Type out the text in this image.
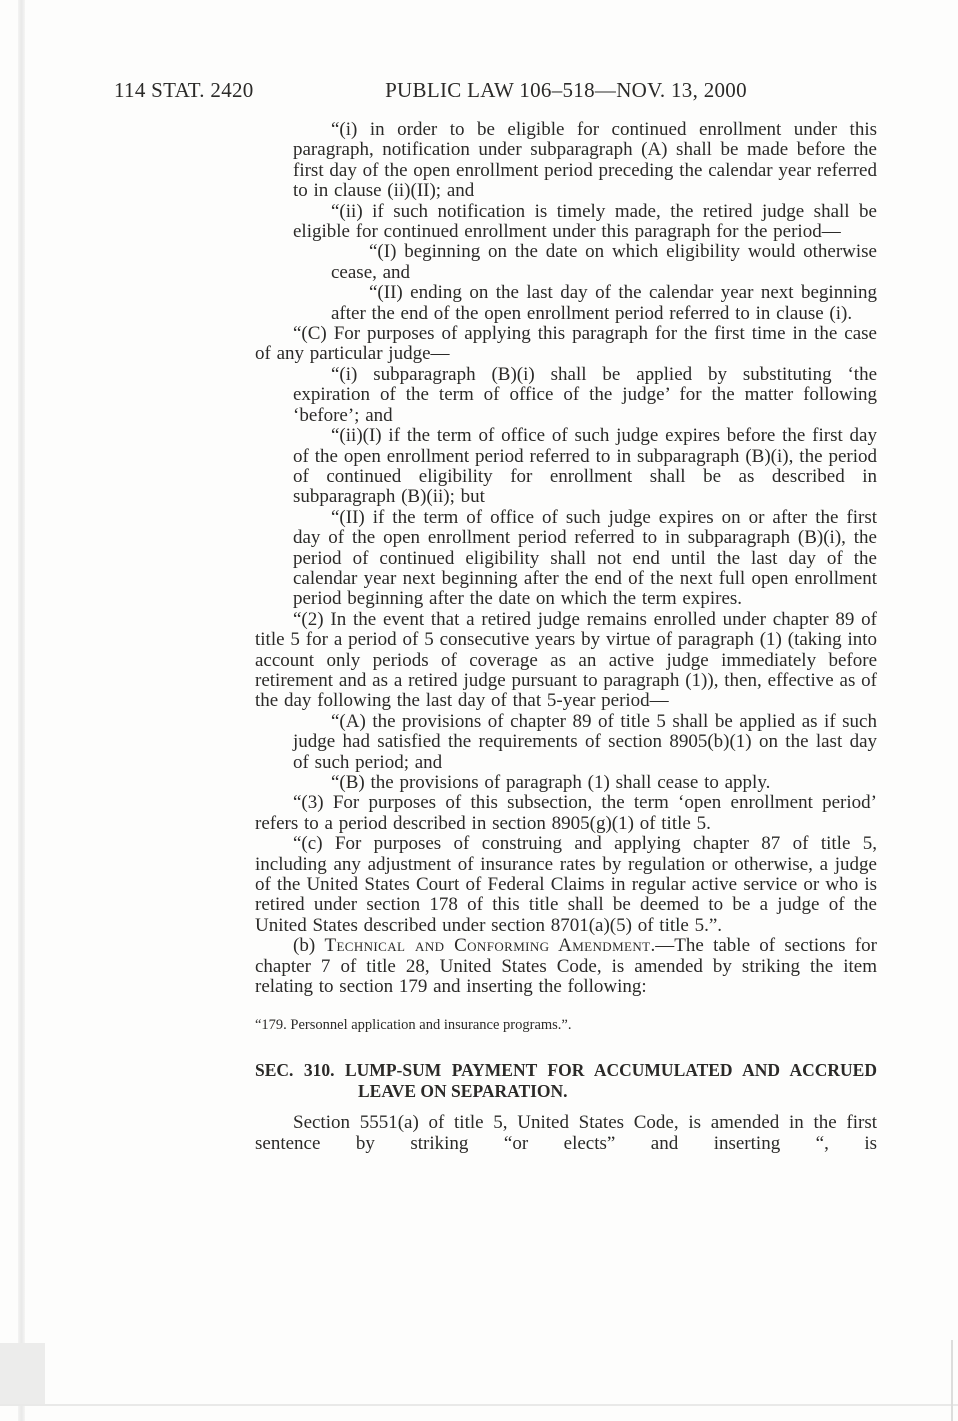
114 STAT. 2420	PUBLIC LAW 106–518—NOV. 13, 2000

“(i) in order to be eligible for continued enrollment under this paragraph, notification under subparagraph (A) shall be made before the first day of the open enrollment period preceding the calendar year referred to in clause (ii)(II); and

“(ii) if such notification is timely made, the retired judge shall be eligible for continued enrollment under this paragraph for the period—

“(I) beginning on the date on which eligibility would otherwise cease, and

“(II) ending on the last day of the calendar year next beginning after the end of the open enrollment period referred to in clause (i).

“(C) For purposes of applying this paragraph for the first time in the case of any particular judge—

“(i) subparagraph (B)(i) shall be applied by substituting ‘the expiration of the term of office of the judge’ for the matter following ‘before’; and

“(ii)(I) if the term of office of such judge expires before the first day of the open enrollment period referred to in subparagraph (B)(i), the period of continued eligibility for enrollment shall be as described in subparagraph (B)(ii); but

“(II) if the term of office of such judge expires on or after the first day of the open enrollment period referred to in subparagraph (B)(i), the period of continued eligibility shall not end until the last day of the calendar year next beginning after the end of the next full open enrollment period beginning after the date on which the term expires.

“(2) In the event that a retired judge remains enrolled under chapter 89 of title 5 for a period of 5 consecutive years by virtue of paragraph (1) (taking into account only periods of coverage as an active judge immediately before retirement and as a retired judge pursuant to paragraph (1)), then, effective as of the day following the last day of that 5-year period—

“(A) the provisions of chapter 89 of title 5 shall be applied as if such judge had satisfied the requirements of section 8905(b)(1) on the last day of such period; and

“(B) the provisions of paragraph (1) shall cease to apply.

“(3) For purposes of this subsection, the term ‘open enrollment period’ refers to a period described in section 8905(g)(1) of title 5.

“(c) For purposes of construing and applying chapter 87 of title 5, including any adjustment of insurance rates by regulation or otherwise, a judge of the United States Court of Federal Claims in regular active service or who is retired under section 178 of this title shall be deemed to be a judge of the United States described under section 8701(a)(5) of title 5.”.

(b) Technical and Conforming Amendment.—The table of sections for chapter 7 of title 28, United States Code, is amended by striking the item relating to section 179 and inserting the following:

“179. Personnel application and insurance programs.”.

SEC. 310. LUMP-SUM PAYMENT FOR ACCUMULATED AND ACCRUED
LEAVE ON SEPARATION.

Section 5551(a) of title 5, United States Code, is amended in the first sentence by striking “or elects” and inserting “, is
